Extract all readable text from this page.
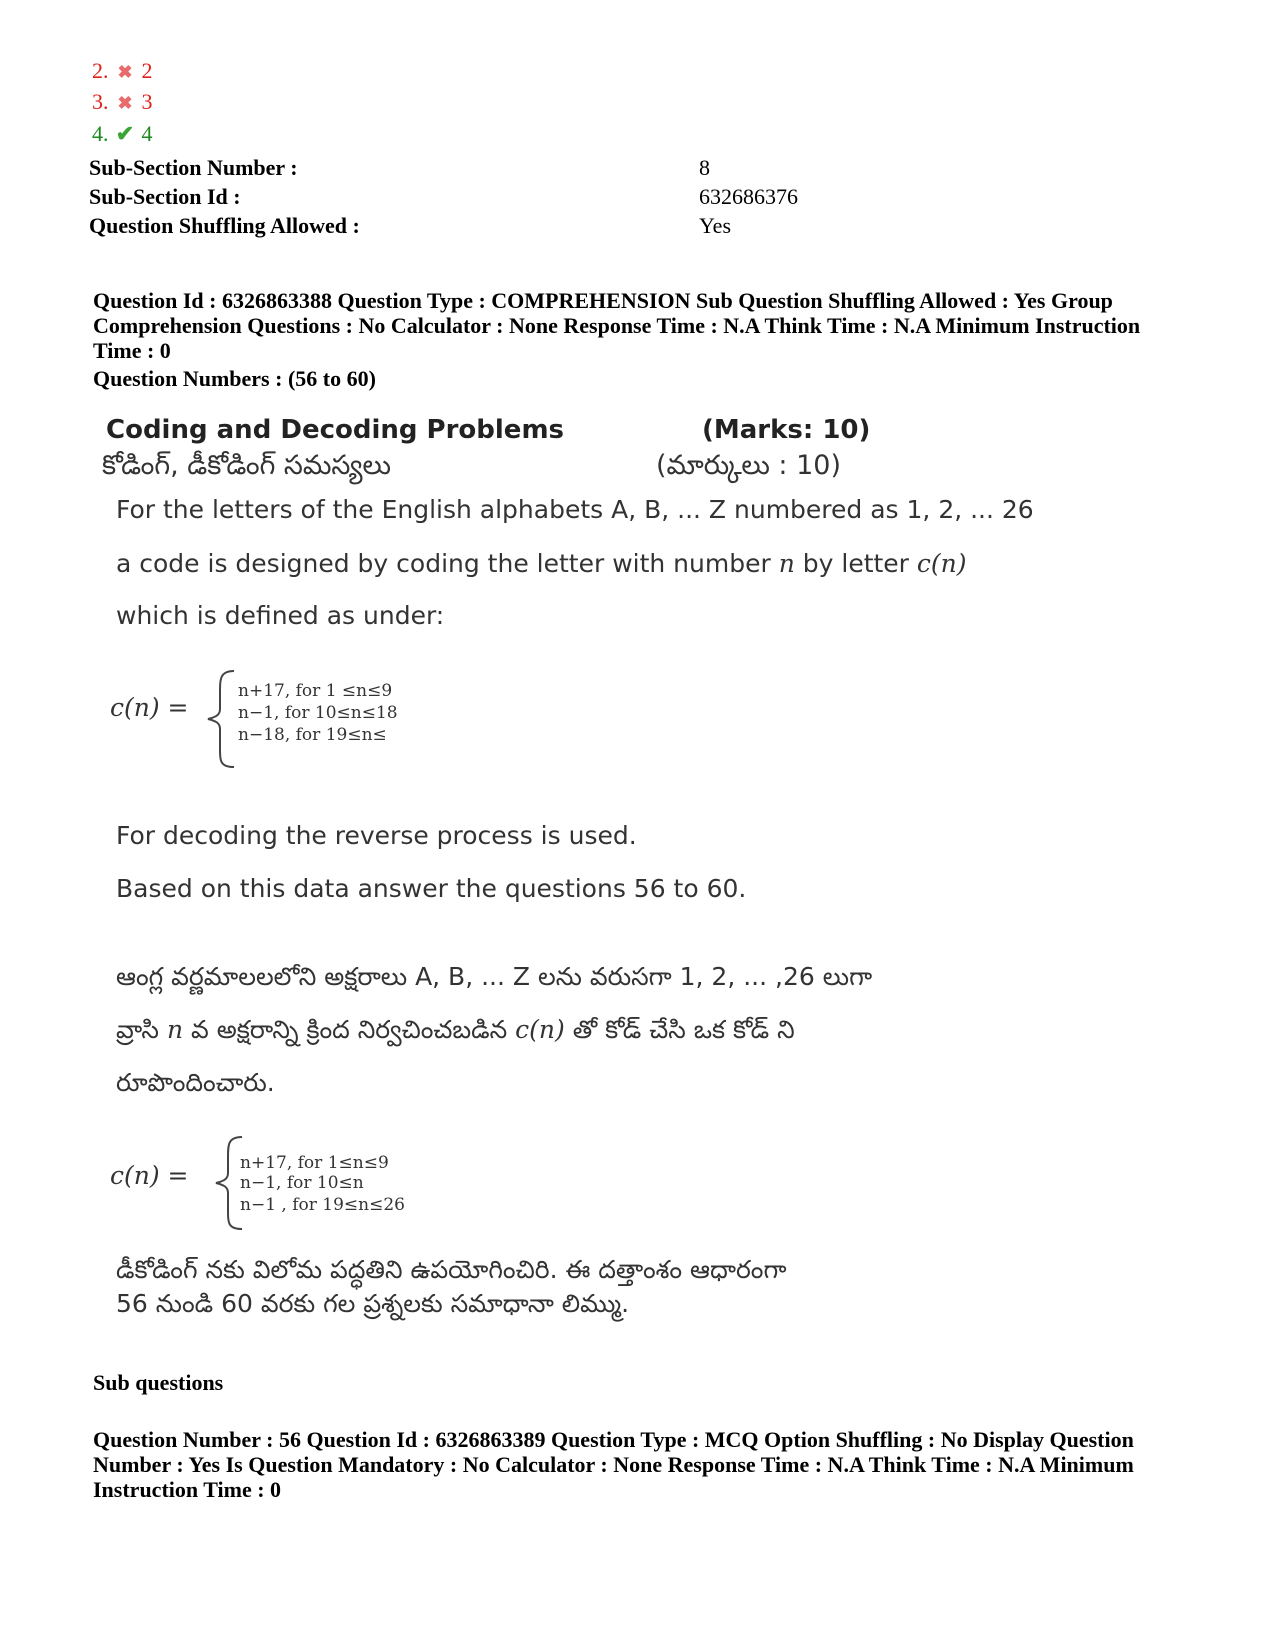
2. ✖ 2
3. ✖ 3
4. ✔ 4
Sub-Section Number :	8
Sub-Section Id :	632686376
Question Shuffling Allowed :	Yes
Question Id : 6326863388 Question Type : COMPREHENSION Sub Question Shuffling Allowed : Yes Group Comprehension Questions : No Calculator : None Response Time : N.A Think Time : N.A Minimum Instruction Time : 0
Question Numbers : (56 to 60)
Coding and Decoding Problems	(Marks: 10)
కోడింగ్, డీకోడింగ్ సమస్యలు	(మార్కులు : 10)
For the letters of the English alphabets A, B, ... Z numbered as 1, 2, ... 26
a code is designed by coding the letter with number n by letter c(n)
which is defined as under:
c(n) =
n+17, for 1 ≤n≤9
n−1, for 10≤n≤18
n−18, for 19≤n≤
For decoding the reverse process is used.
Based on this data answer the questions 56 to 60.
ఆంగ్ల వర్ణమాలలలోని అక్షరాలు A, B, ... Z లను వరుసగా 1, 2, ... ,26 లుగా
వ్రాసి n వ అక్షరాన్ని క్రింద నిర్వచించబడిన c(n) తో కోడ్ చేసి ఒక కోడ్ ని
రూపొందించారు.
c(n) =	n+17, for 1≤n≤9
n−1, for 10≤n
n−1 , for 19≤n≤26
డీకోడింగ్ నకు విలోమ పద్ధతిని ఉపయోగించిరి. ఈ దత్తాంశం ఆధారంగా
56 నుండి 60 వరకు గల ప్రశ్నలకు సమాధానా లిమ్ము.
Sub questions
Question Number : 56 Question Id : 6326863389 Question Type : MCQ Option Shuffling : No Display Question Number : Yes Is Question Mandatory : No Calculator : None Response Time : N.A Think Time : N.A Minimum Instruction Time : 0
